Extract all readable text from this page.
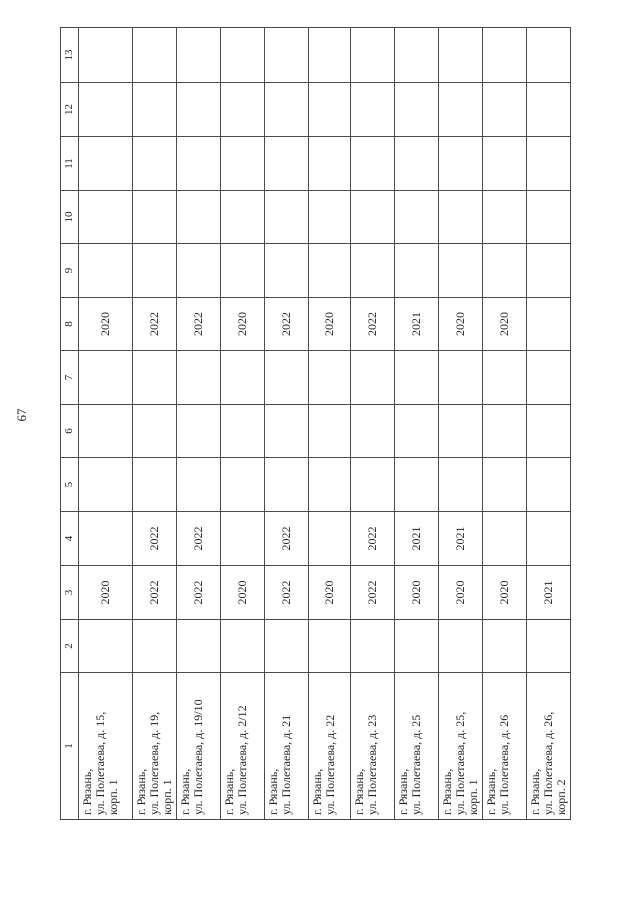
67
1	2	3	4	5	6	7	8	9	10	11	12	13

г. Рязань, ул. Полетаева, д. 15, корп. 1		2020					2020					

г. Рязань, ул. Полетаева, д. 19, корп. 1		2022	2022				2022					

г. Рязань, ул. Полетаева, д. 19/10		2022	2022				2022					

г. Рязань, ул. Полетаева, д. 2/12		2020					2020					

г. Рязань, ул. Полетаева, д. 21		2022	2022				2022					

г. Рязань, ул. Полетаева, д. 22		2020					2020					

г. Рязань, ул. Полетаева, д. 23		2022	2022				2022					

г. Рязань, ул. Полетаева, д. 25		2020	2021				2021					

г. Рязань, ул. Полетаева, д. 25, корп. 1		2020	2021				2020					

г. Рязань, ул. Полетаева, д. 26		2020					2020					

г. Рязань, ул. Полетаева, д. 26, корп. 2		2021										
